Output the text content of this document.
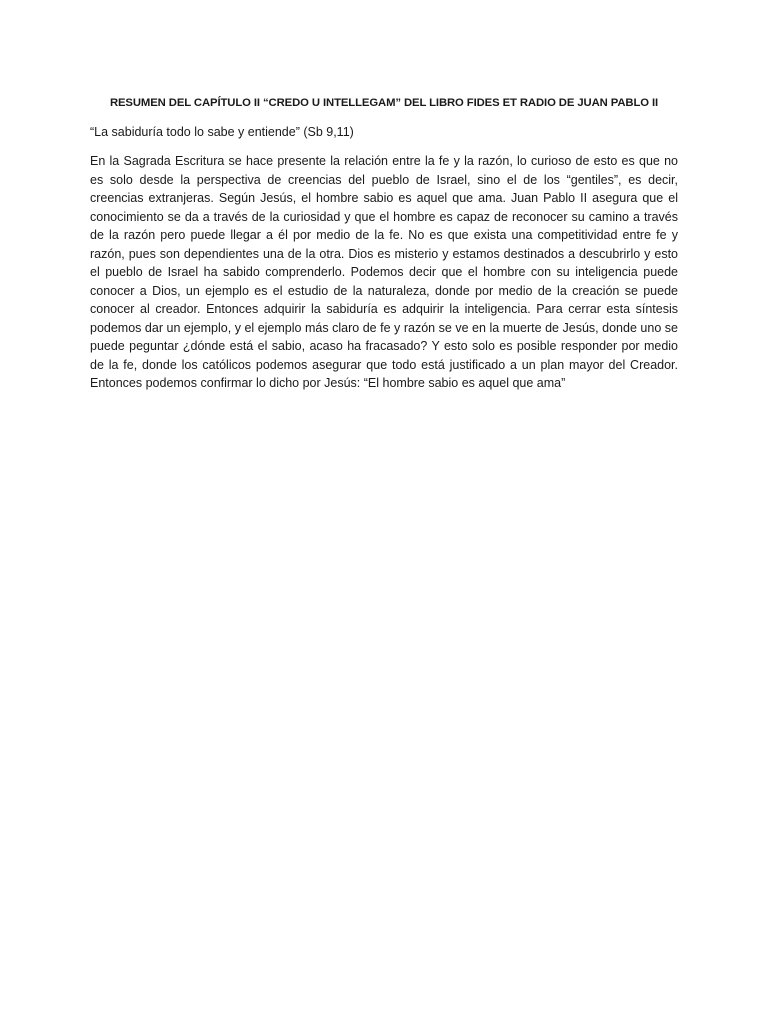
RESUMEN DEL CAPÍTULO II “CREDO U INTELLEGAM” DEL LIBRO FIDES ET RADIO DE JUAN PABLO II

“La sabiduría todo lo sabe y entiende” (Sb 9,11)

En la Sagrada Escritura se hace presente la relación entre la fe y la razón, lo curioso de esto es que no es solo desde la perspectiva de creencias del pueblo de Israel, sino el de los “gentiles”, es decir, creencias extranjeras. Según Jesús, el hombre sabio es aquel que ama. Juan Pablo II asegura que el conocimiento se da a través de la curiosidad y que el hombre es capaz de reconocer su camino a través de la razón pero puede llegar a él por medio de la fe. No es que exista una competitividad entre fe y razón, pues son dependientes una de la otra. Dios es misterio y estamos destinados a descubrirlo y esto el pueblo de Israel ha sabido comprenderlo. Podemos decir que el hombre con su inteligencia puede conocer a Dios, un ejemplo es el estudio de la naturaleza, donde por medio de la creación se puede conocer al creador. Entonces adquirir la sabiduría es adquirir la inteligencia. Para cerrar esta síntesis podemos dar un ejemplo, y el ejemplo más claro de fe y razón se ve en la muerte de Jesús, donde uno se puede peguntar ¿dónde está el sabio, acaso ha fracasado? Y esto solo es posible responder por medio de la fe, donde los católicos podemos asegurar que todo está justificado a un plan mayor del Creador. Entonces podemos confirmar lo dicho por Jesús: “El hombre sabio es aquel que ama”
